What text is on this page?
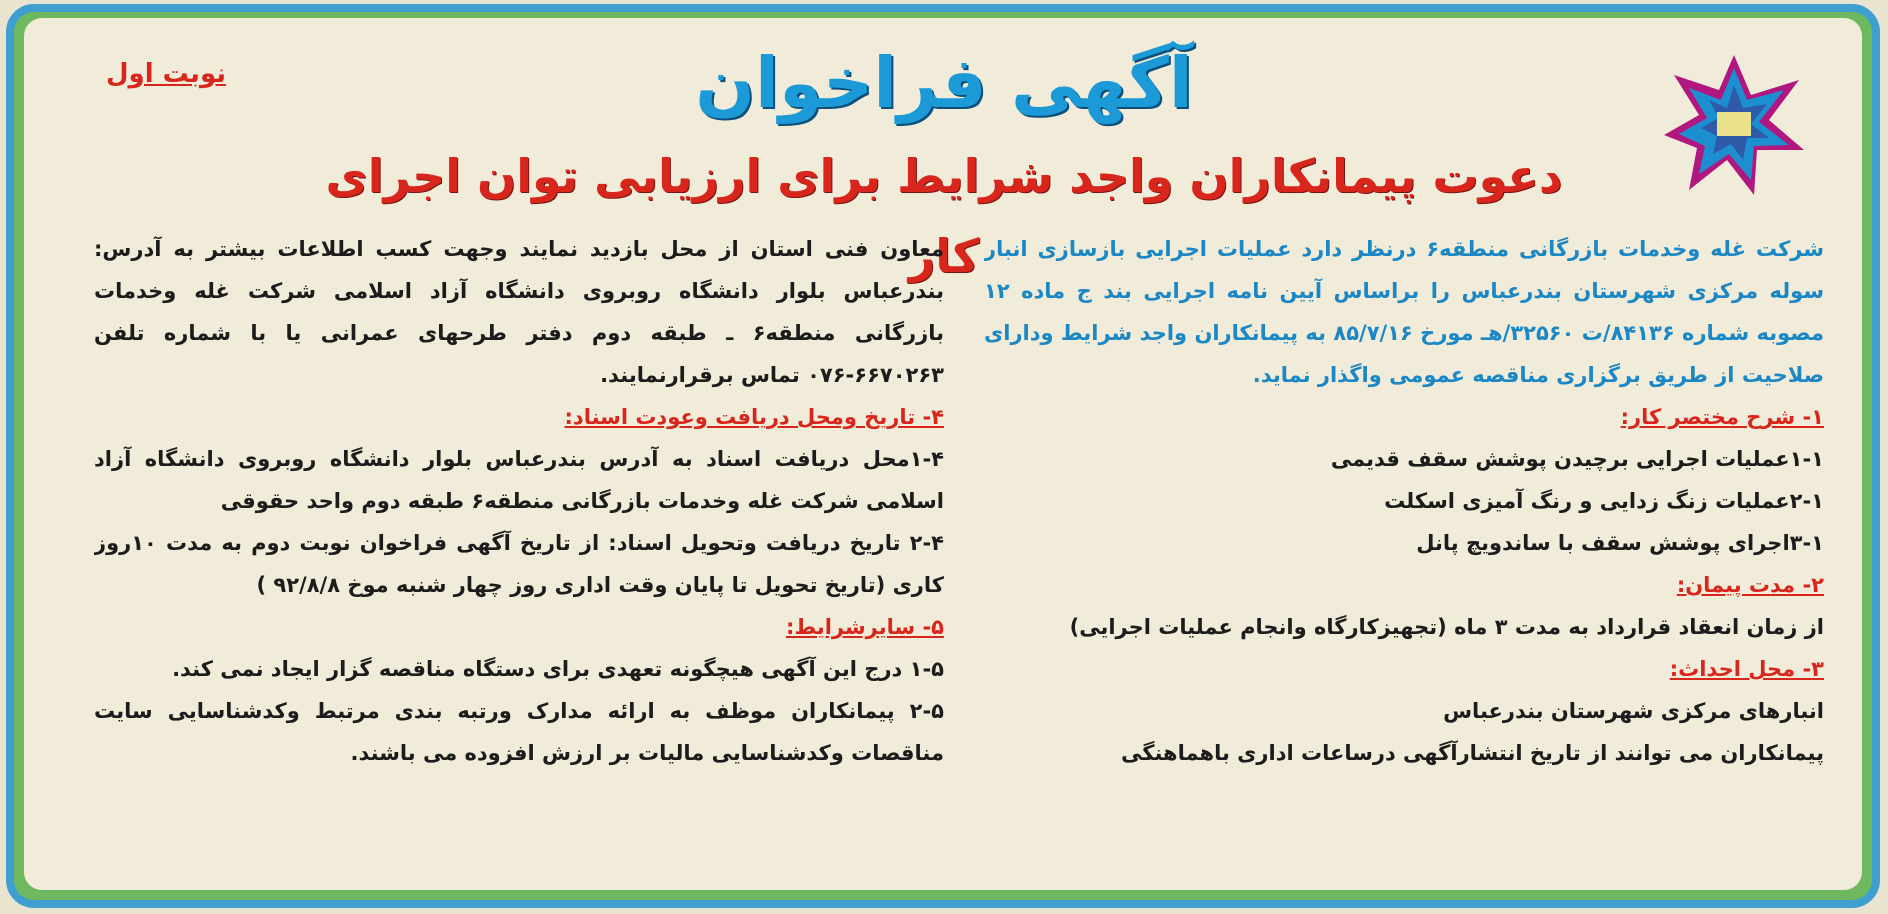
نوبت اول	آگهی فراخوان
دعوت پیمانکاران واجد شرایط برای ارزیابی توان اجرای کار شرکت غله وخدمات بازرگانی منطقه۶ درنظر دارد عملیات اجرایی بازسازی انبار سوله مرکزی شهرستان بندرعباس را براساس آیین نامه اجرایی بند ج ماده ۱۲ مصوبه شماره ۸۴۱۳۶/ت ۳۲۵۶۰/هـ مورخ ۸۵/۷/۱۶ به پیمانکاران واجد شرایط ودارای صلاحیت از طریق برگزاری مناقصه عمومی واگذار نماید.

۱- شرح مختصر کار:

۱-۱عملیات اجرایی برچیدن پوشش سقف قدیمی

۲-۱عملیات زنگ زدایی و رنگ آمیزی اسکلت

۳-۱اجرای پوشش سقف با ساندویچ پانل

۲- مدت پیمان:

از زمان انعقاد قرارداد به مدت ۳ ماه (تجهیزکارگاه وانجام عملیات اجرایی)

۳- محل احداث:

انبارهای مرکزی شهرستان بندرعباس

پیمانکاران می توانند از تاریخ انتشارآگهی درساعات اداری باهماهنگی

معاون فنی استان از محل بازدید نمایند وجهت کسب اطلاعات بیشتر به آدرس: بندرعباس بلوار دانشگاه روبروی دانشگاه آزاد اسلامی شرکت غله وخدمات بازرگانی منطقه۶ ـ طبقه دوم دفتر طرحهای عمرانی یا با شماره تلفن ۶۶۷۰۲۶۳-۰۷۶ تماس برقرارنمایند.

۴- تاریخ ومحل دریافت وعودت اسناد:

۱-۴محل دریافت اسناد به آدرس بندرعباس بلوار دانشگاه روبروی دانشگاه آزاد اسلامی شرکت غله وخدمات بازرگانی منطقه۶ طبقه دوم واحد حقوقی

۲-۴ تاریخ دریافت وتحویل اسناد: از تاریخ آگهی فراخوان نوبت دوم به مدت ۱۰روز کاری (تاریخ تحویل تا پایان وقت اداری روز چهار شنبه موخ ۹۲/۸/۸ )

۵- سایرشرایط:

۱-۵ درج این آگهی هیچگونه تعهدی برای دستگاه مناقصه گزار ایجاد نمی کند.

۲-۵ پیمانکاران موظف به ارائه مدارک ورتبه بندی مرتبط وکدشناسایی سایت مناقصات وکدشناسایی مالیات بر ارزش افزوده می باشند.
